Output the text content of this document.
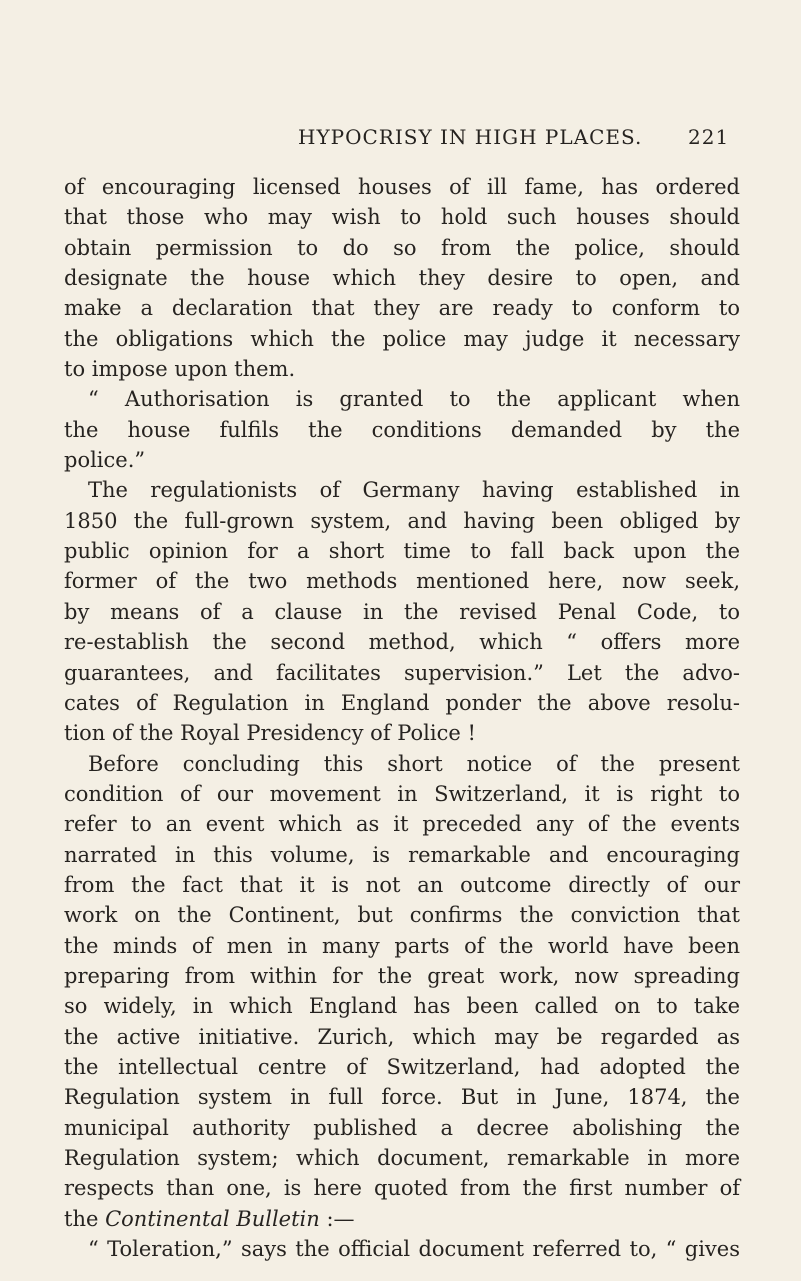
HYPOCRISY IN HIGH PLACES. 221
of encouraging licensed houses of ill fame, has ordered
that those who may wish to hold such houses should
obtain permission to do so from the police, should
designate the house which they desire to open, and
make a declaration that they are ready to conform to
the obligations which the police may judge it necessary
to impose upon them.
“ Authorisation is granted to the applicant when
the house fulfils the conditions demanded by the
police.”
The regulationists of Germany having established in
1850 the full-grown system, and having been obliged by
public opinion for a short time to fall back upon the
former of the two methods mentioned here, now seek,
by means of a clause in the revised Penal Code, to
re-establish the second method, which “ offers more
guarantees, and facilitates supervision.” Let the advo-
cates of Regulation in England ponder the above resolu-
tion of the Royal Presidency of Police !
Before concluding this short notice of the present
condition of our movement in Switzerland, it is right to
refer to an event which as it preceded any of the events
narrated in this volume, is remarkable and encouraging
from the fact that it is not an outcome directly of our
work on the Continent, but confirms the conviction that
the minds of men in many parts of the world have been
preparing from within for the great work, now spreading
so widely, in which England has been called on to take
the active initiative. Zurich, which may be regarded as
the intellectual centre of Switzerland, had adopted the
Regulation system in full force. But in June, 1874, the
municipal authority published a decree abolishing the
Regulation system; which document, remarkable in more
respects than one, is here quoted from the first number of
the Continental Bulletin :—
“ Toleration,” says the official document referred to, “ gives
